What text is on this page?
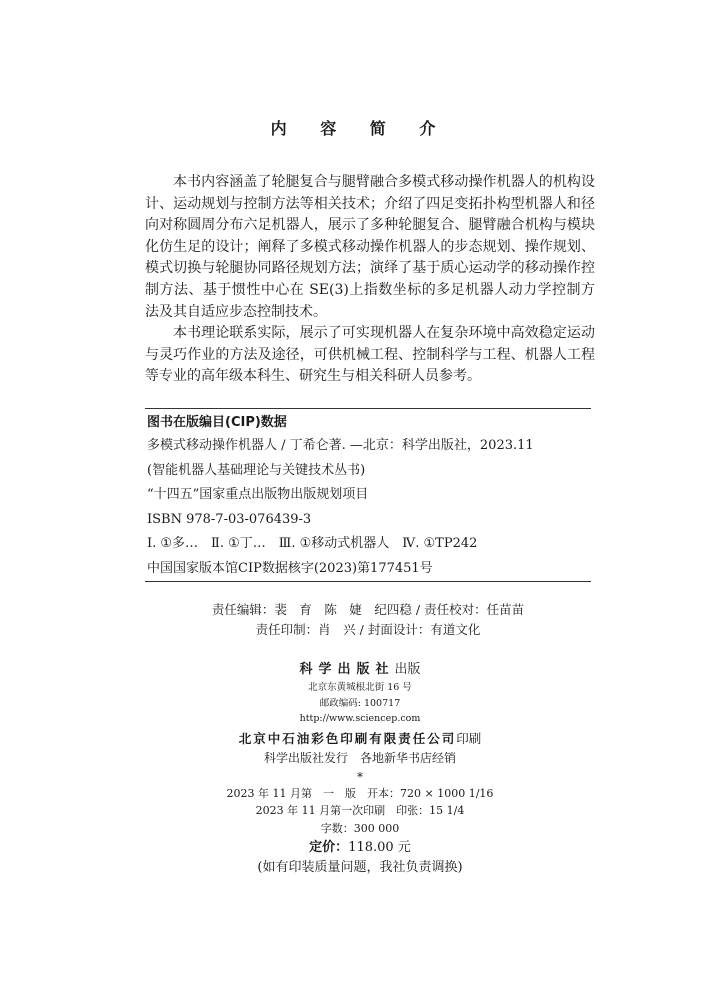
内 容 简 介

本书内容涵盖了轮腿复合与腿臂融合多模式移动操作机器人的机构设计、运动规划与控制方法等相关技术；介绍了四足变拓扑构型机器人和径向对称圆周分布六足机器人，展示了多种轮腿复合、腿臂融合机构与模块化仿生足的设计；阐释了多模式移动操作机器人的步态规划、操作规划、模式切换与轮腿协同路径规划方法；演绎了基于质心运动学的移动操作控制方法、基于惯性中心在 SE(3)上指数坐标的多足机器人动力学控制方法及其自适应步态控制技术。

本书理论联系实际，展示了可实现机器人在复杂环境中高效稳定运动与灵巧作业的方法及途径，可供机械工程、控制科学与工程、机器人工程等专业的高年级本科生、研究生与相关科研人员参考。

图书在版编目(CIP)数据
多模式移动操作机器人 / 丁希仑著. —北京：科学出版社，2023.11
(智能机器人基础理论与关键技术丛书)
“十四五”国家重点出版物出版规划项目
ISBN 978-7-03-076439-3
Ⅰ. ①多…　Ⅱ. ①丁…　Ⅲ. ①移动式机器人　Ⅳ. ①TP242
中国国家版本馆CIP数据核字(2023)第177451号
责任编辑：裴　育　陈　婕　纪四稳 / 责任校对：任苗苗
责任印制：肖　兴 / 封面设计：有道文化
科学出版社出版
北京东黄城根北街 16 号
邮政编码: 100717
http://www.sciencep.com
北京中石油彩色印刷有限责任公司印刷
科学出版社发行　各地新华书店经销
*
2023 年 11 月第　一　版　开本：720 × 1000 1/16
2023 年 11 月第一次印刷　印张：15 1/4
字数：300 000
定价：118.00 元
(如有印装质量问题，我社负责调换)
